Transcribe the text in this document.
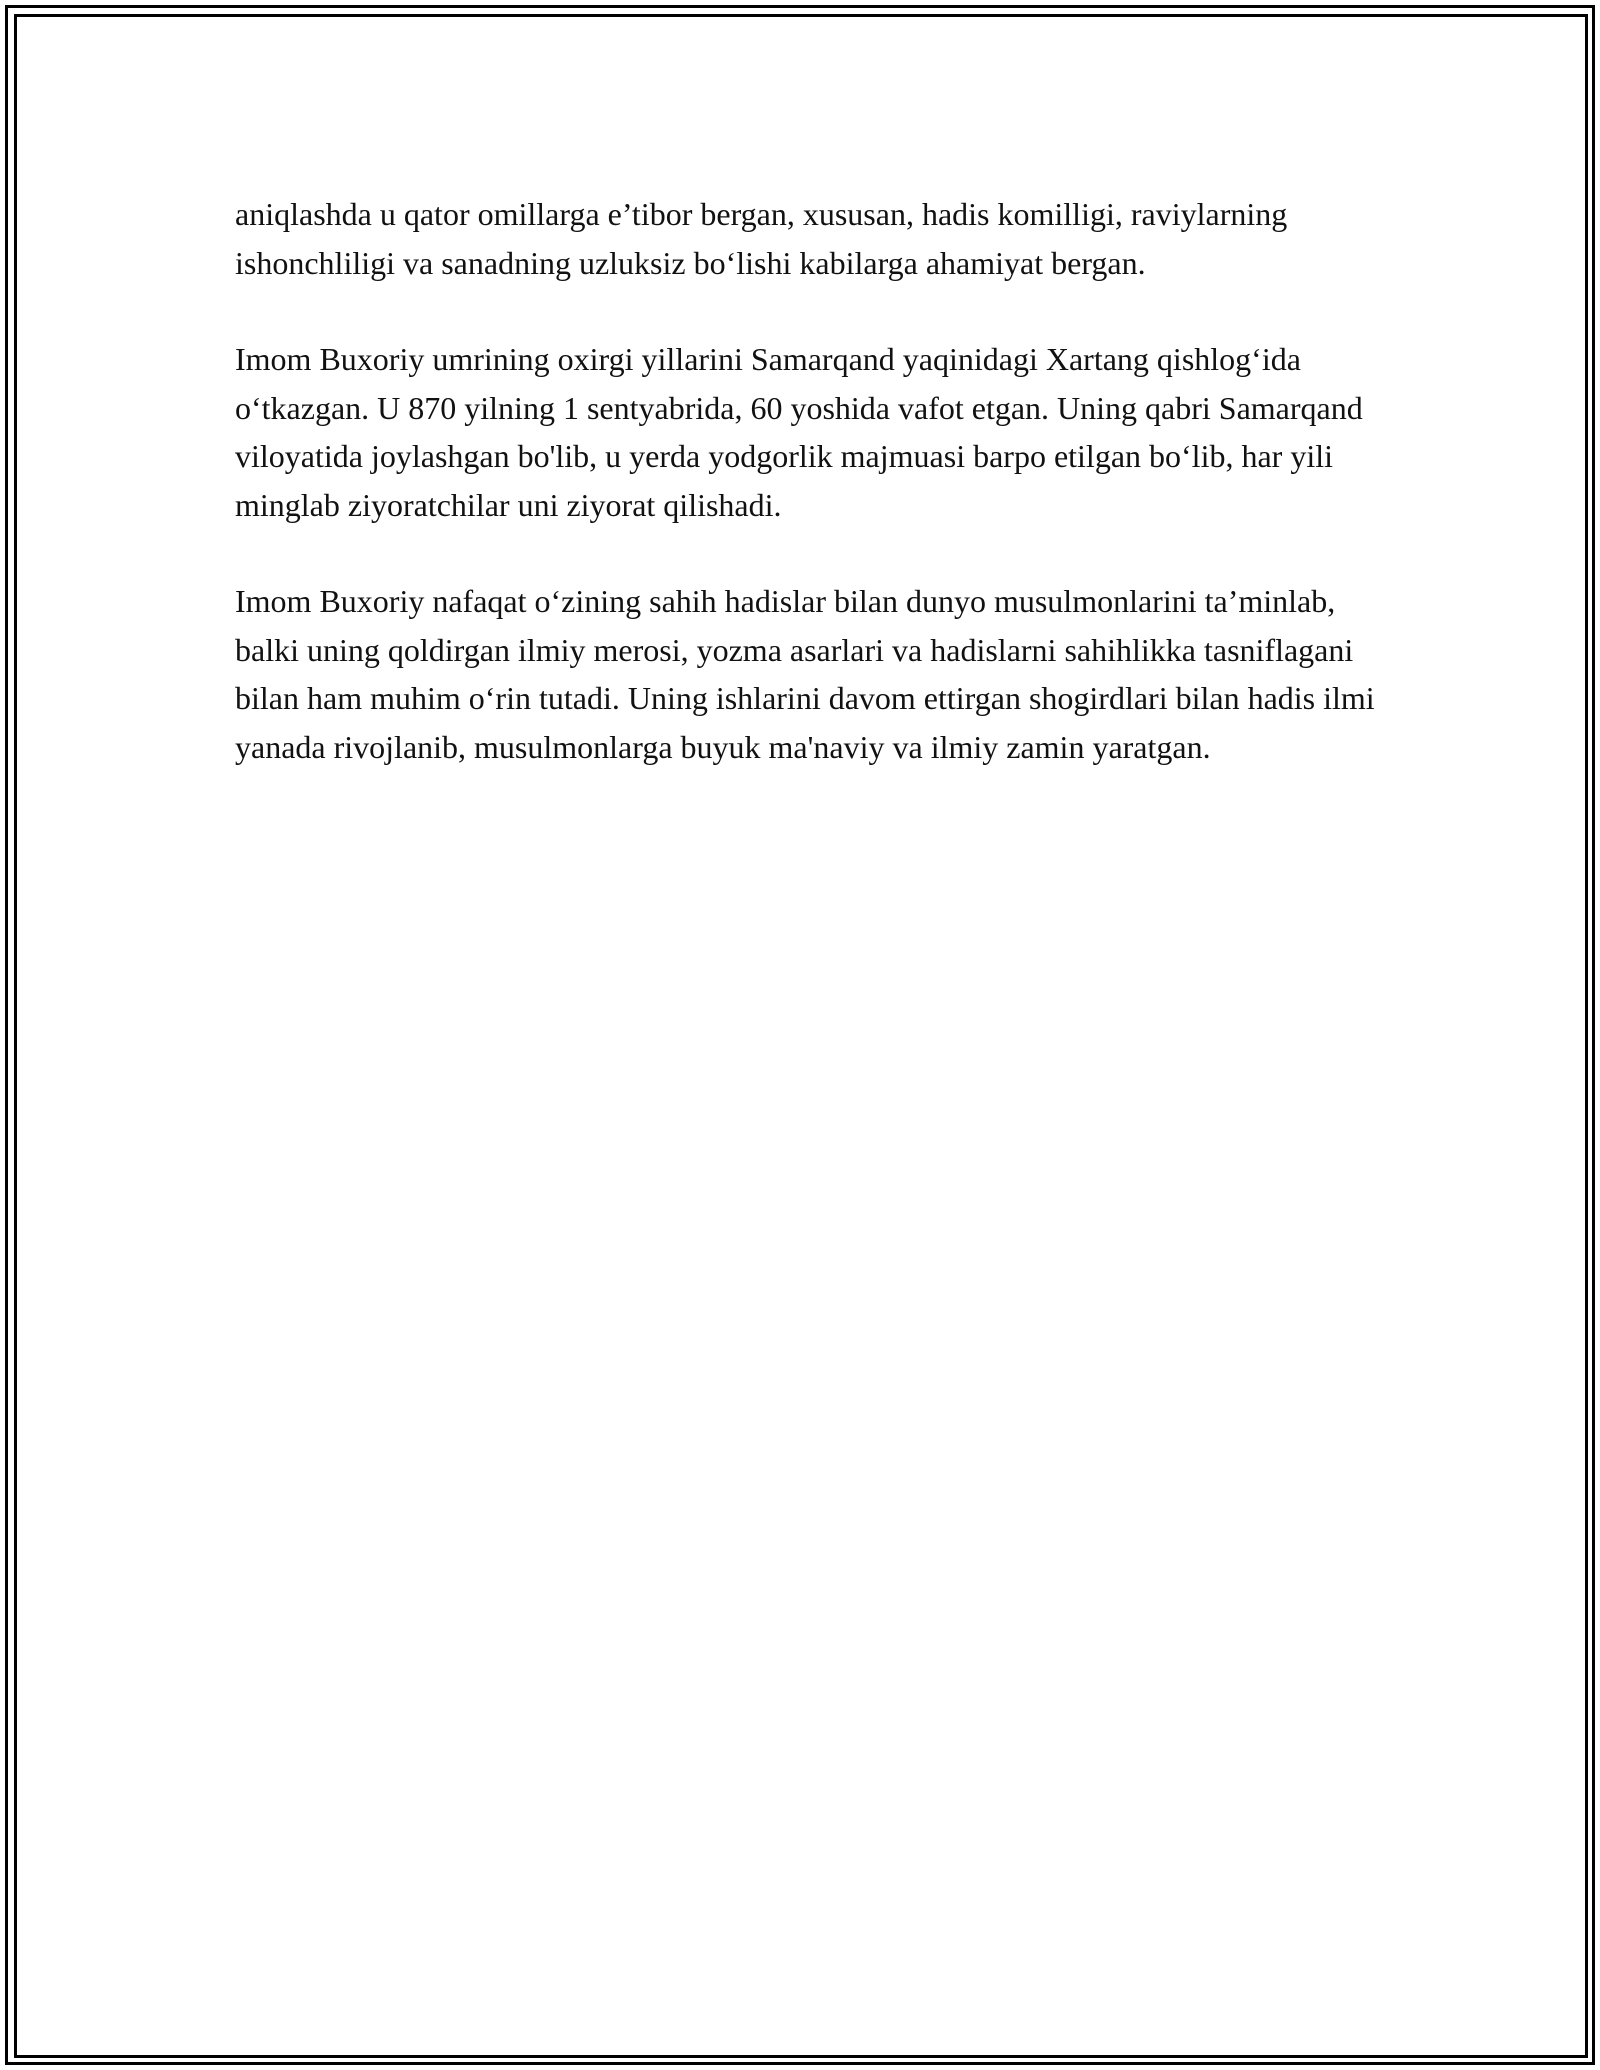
aniqlashda u qator omillarga e’tibor bergan, xususan, hadis komilligi, raviylarning ishonchliligi va sanadning uzluksiz bo‘lishi kabilarga ahamiyat bergan.

Imom Buxoriy umrining oxirgi yillarini Samarqand yaqinidagi Xartang qishlog‘ida o‘tkazgan. U 870 yilning 1 sentyabrida, 60 yoshida vafot etgan. Uning qabri Samarqand viloyatida joylashgan bo'lib, u yerda yodgorlik majmuasi barpo etilgan bo‘lib, har yili minglab ziyoratchilar uni ziyorat qilishadi.

Imom Buxoriy nafaqat o‘zining sahih hadislar bilan dunyo musulmonlarini ta’minlab, balki uning qoldirgan ilmiy merosi, yozma asarlari va hadislarni sahihlikka tasniflagani bilan ham muhim o‘rin tutadi. Uning ishlarini davom ettirgan shogirdlari bilan hadis ilmi yanada rivojlanib, musulmonlarga buyuk ma'naviy va ilmiy zamin yaratgan.
